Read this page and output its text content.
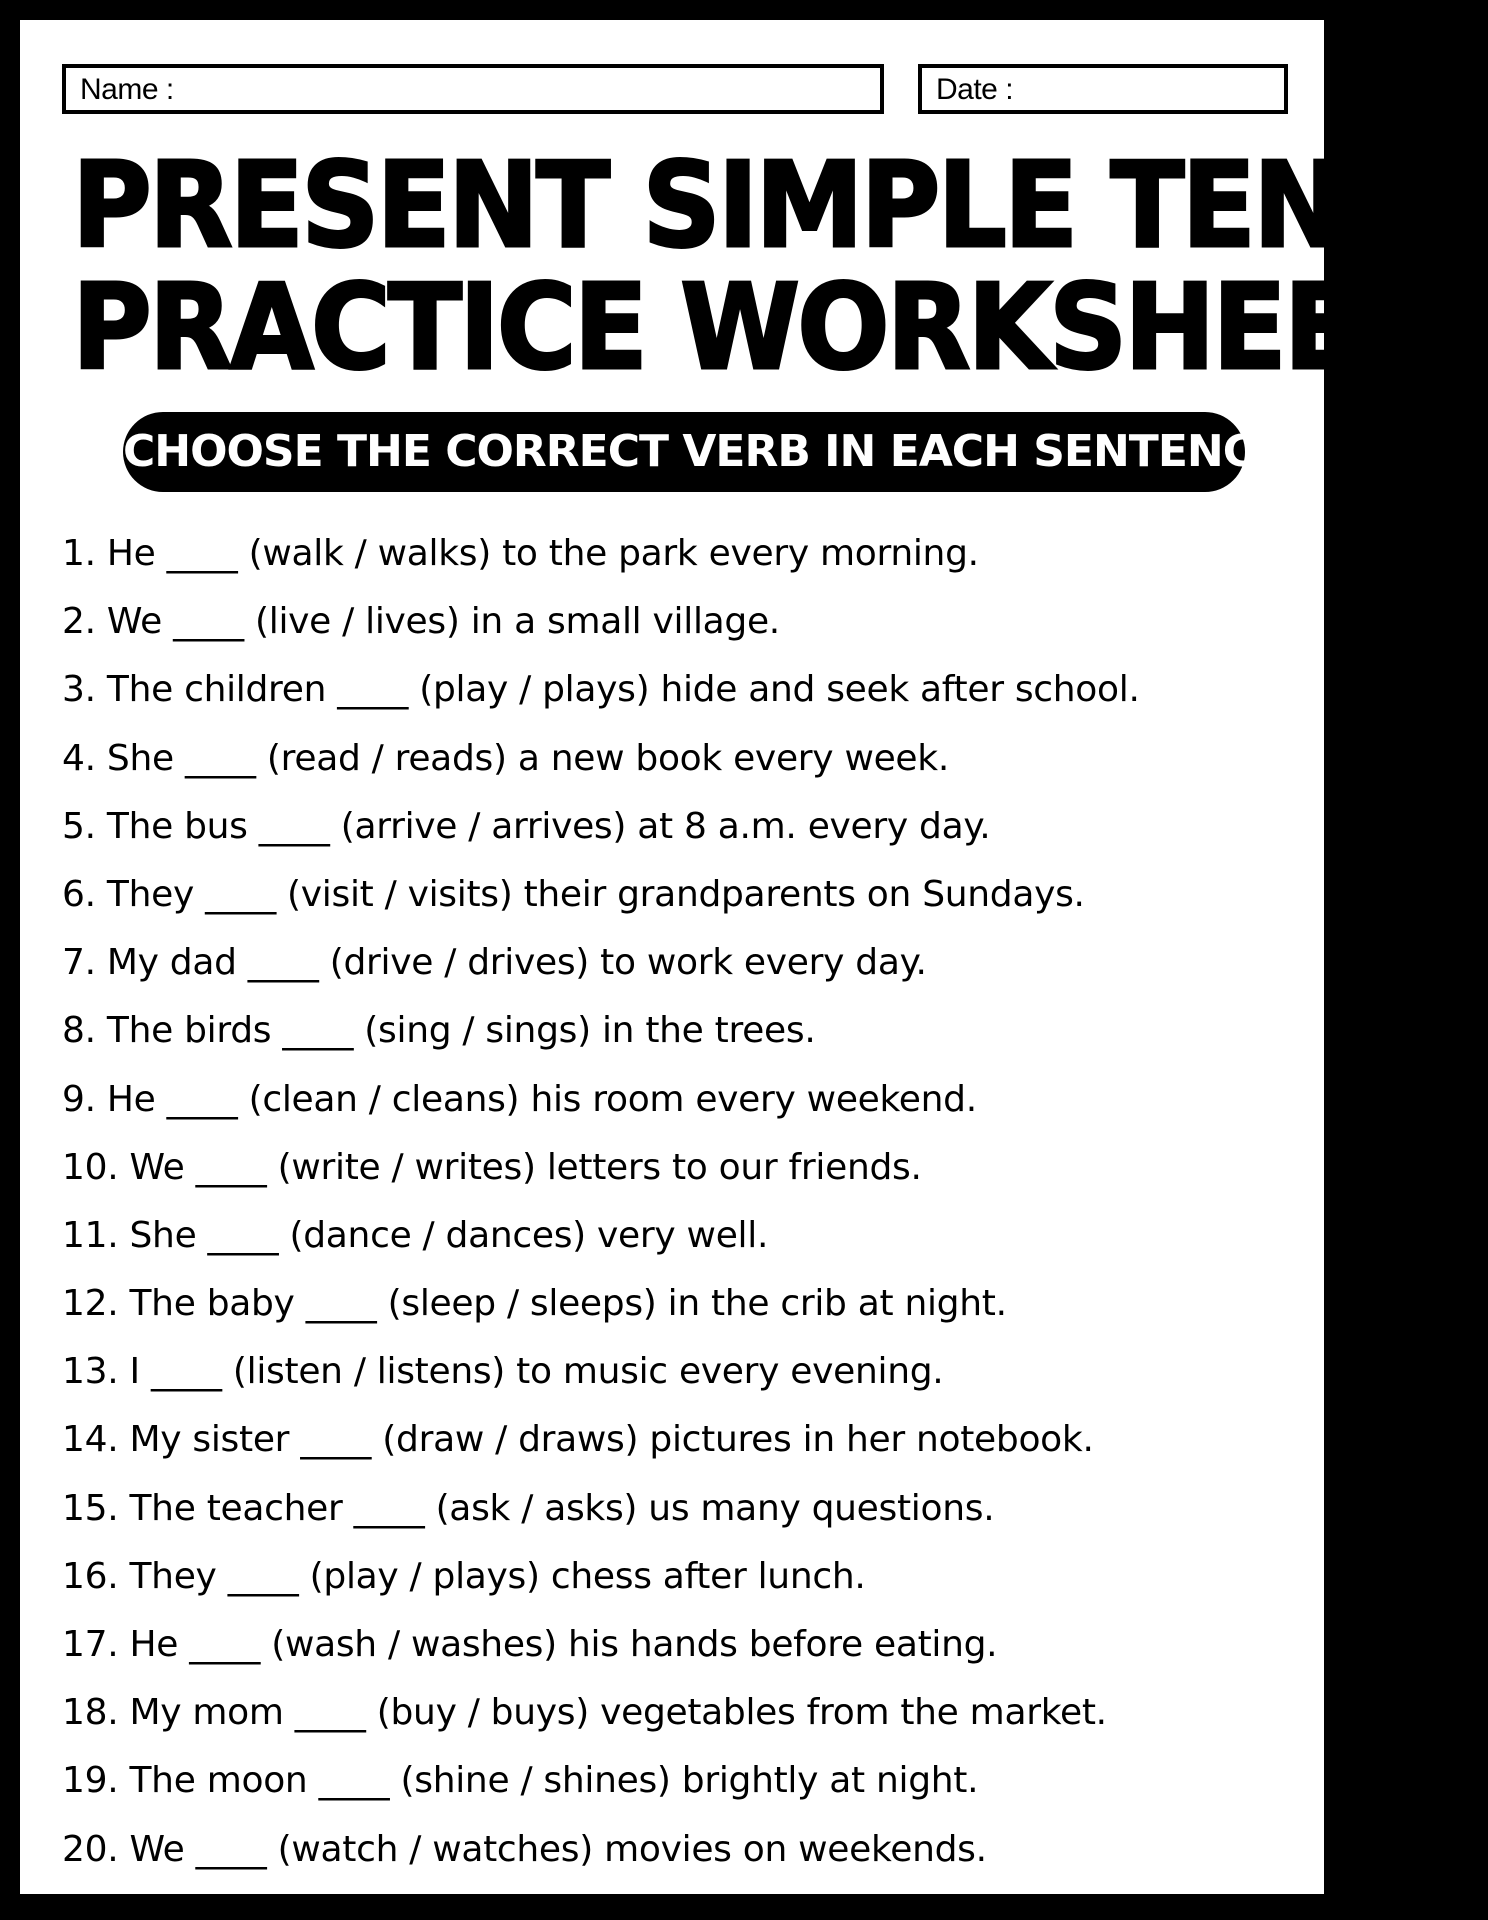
Name :	Date :
PRESENT SIMPLE TENSE
PRACTICE WORKSHEET
CHOOSE THE CORRECT VERB IN EACH SENTENCE
1. He ____ (walk / walks) to the park every morning.
2. We ____ (live / lives) in a small village.
3. The children ____ (play / plays) hide and seek after school.
4. She ____ (read / reads) a new book every week.
5. The bus ____ (arrive / arrives) at 8 a.m. every day.
6. They ____ (visit / visits) their grandparents on Sundays.
7. My dad ____ (drive / drives) to work every day.
8. The birds ____ (sing / sings) in the trees.
9. He ____ (clean / cleans) his room every weekend.
10. We ____ (write / writes) letters to our friends.
11. She ____ (dance / dances) very well.
12. The baby ____ (sleep / sleeps) in the crib at night.
13. I ____ (listen / listens) to music every evening.
14. My sister ____ (draw / draws) pictures in her notebook.
15. The teacher ____ (ask / asks) us many questions.
16. They ____ (play / plays) chess after lunch.
17. He ____ (wash / washes) his hands before eating.
18. My mom ____ (buy / buys) vegetables from the market.
19. The moon ____ (shine / shines) brightly at night.
20. We ____ (watch / watches) movies on weekends.
